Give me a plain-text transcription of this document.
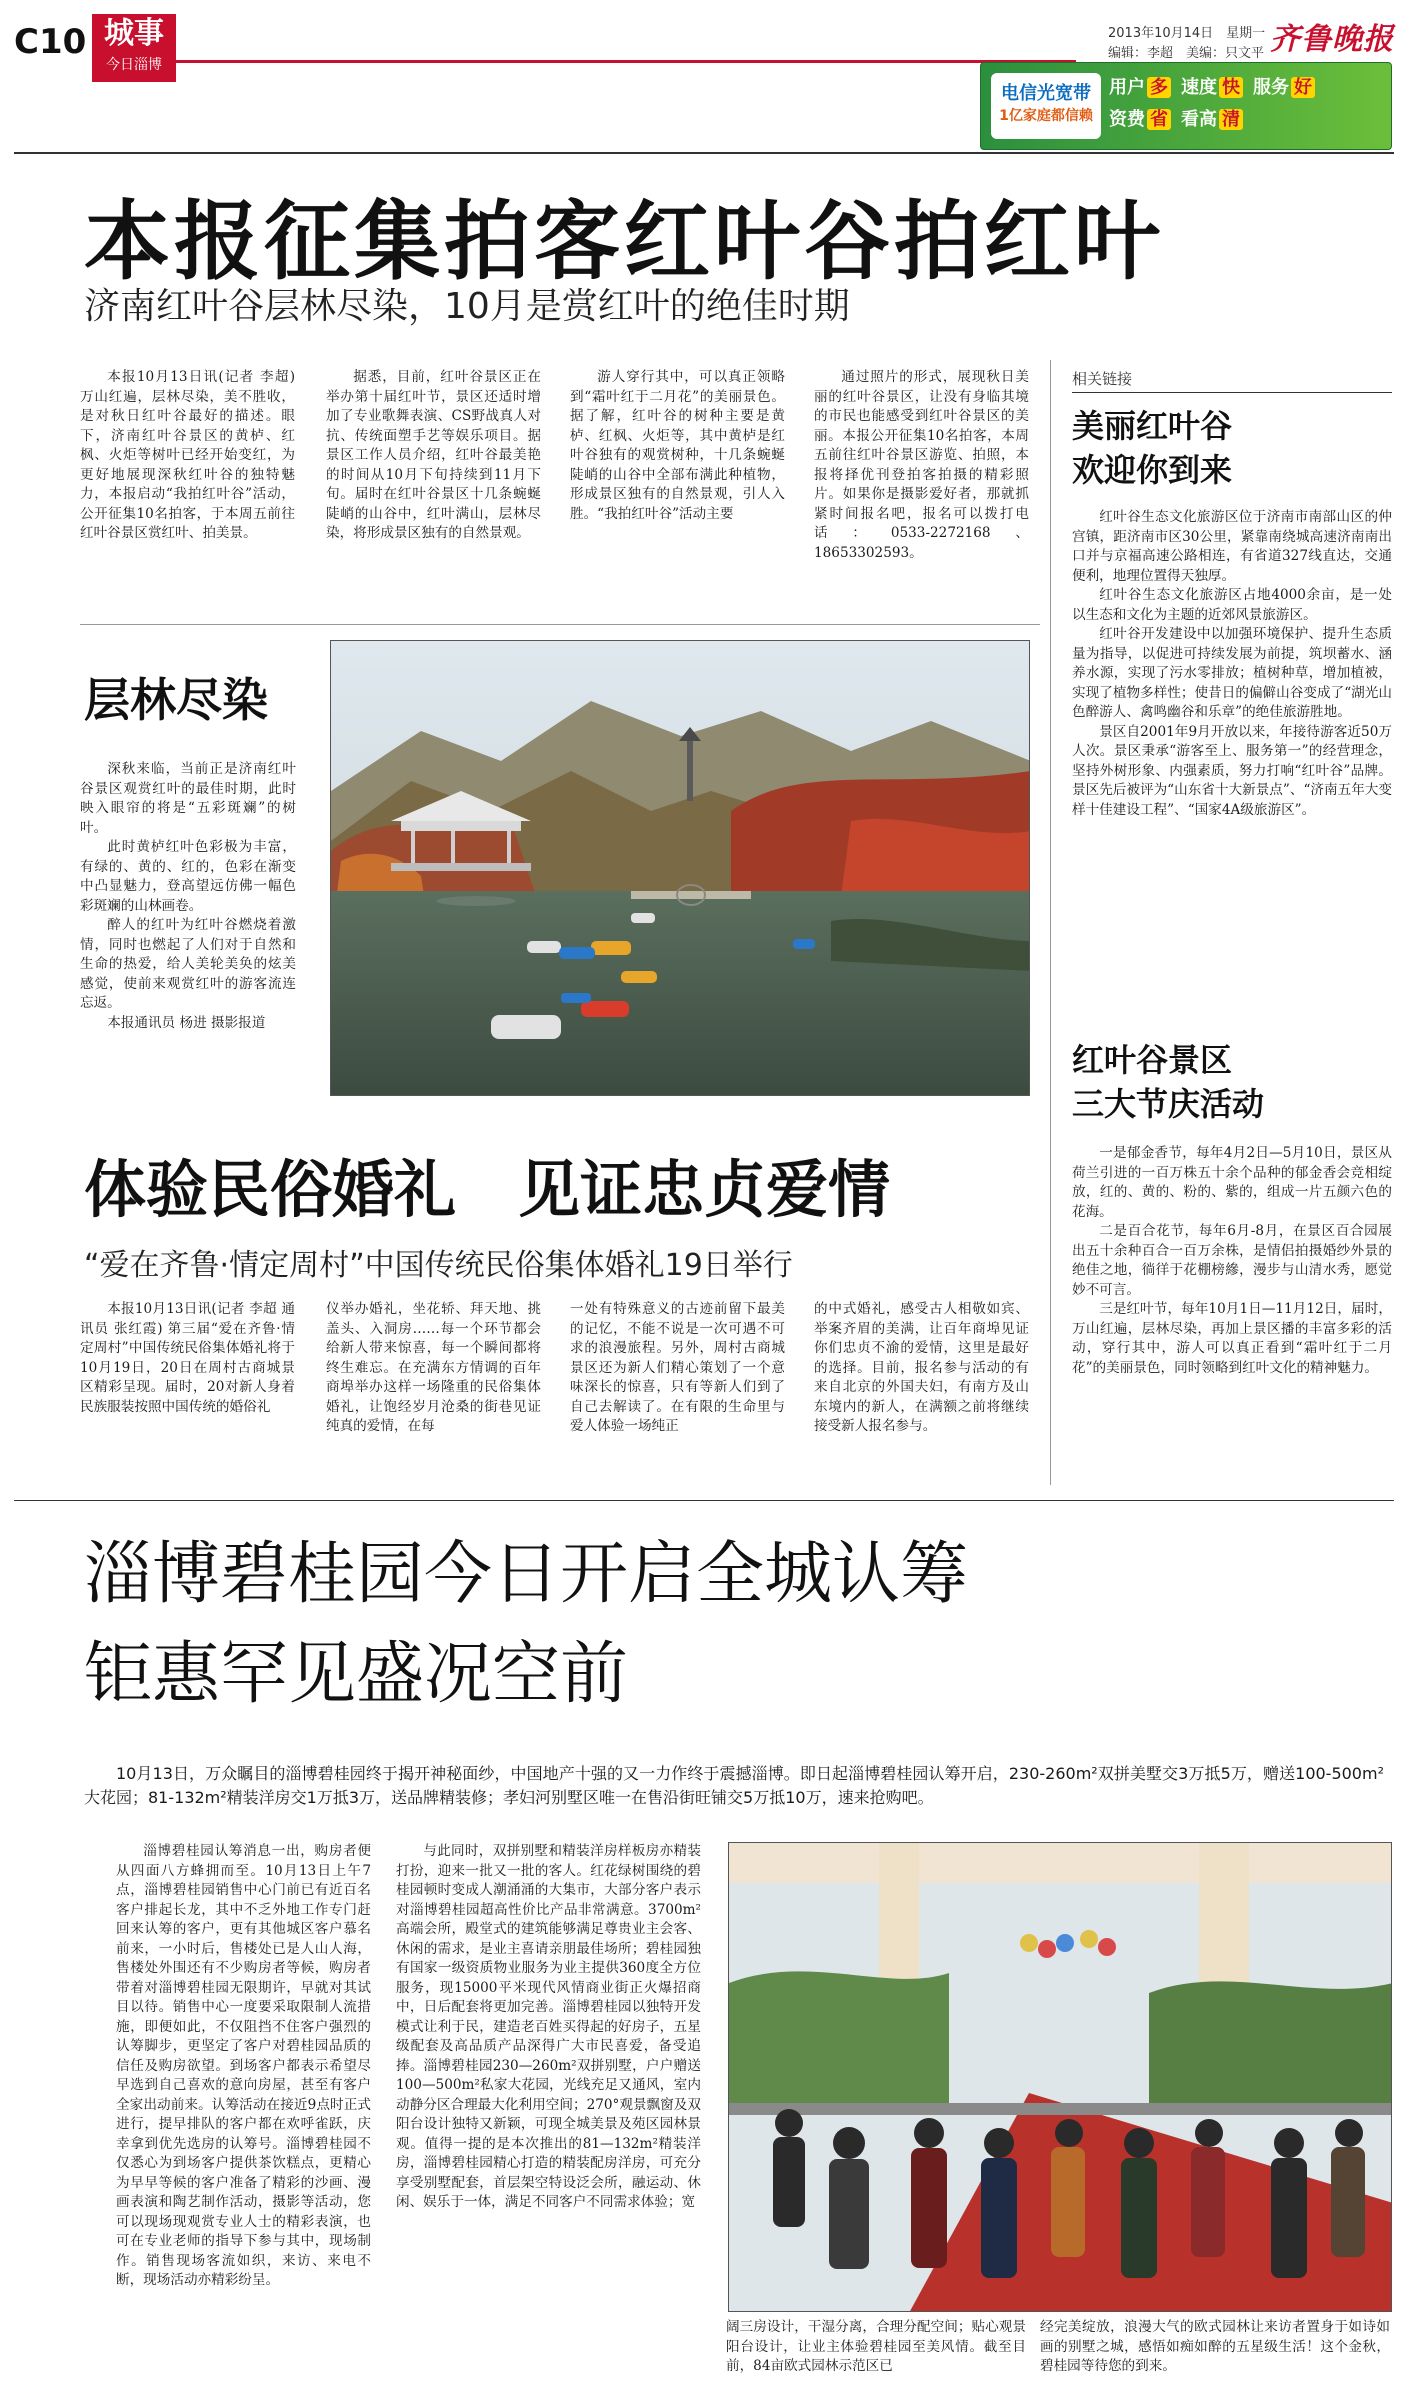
C10 城事
今日淄博
2013年10月14日　星期一
编辑：李超　美编：只文平 齐鲁晚报
电信光宽带
1亿家庭都信赖
用户 多 速度 快 服务 好
资费 省 看高 清
本报征集拍客红叶谷拍红叶
济南红叶谷层林尽染，10月是赏红叶的绝佳时期

本报10月13日讯(记者 李超) 万山红遍，层林尽染，美不胜收，是对秋日红叶谷最好的描述。眼下，济南红叶谷景区的黄栌、红枫、火炬等树叶已经开始变红，为更好地展现深秋红叶谷的独特魅力，本报启动“我拍红叶谷”活动，公开征集10名拍客，于本周五前往红叶谷景区赏红叶、拍美景。

据悉，目前，红叶谷景区正在举办第十届红叶节，景区还适时增加了专业歌舞表演、CS野战真人对抗、传统面塑手艺等娱乐项目。据景区工作人员介绍，红叶谷最美艳的时间从10月下旬持续到11月下旬。届时在红叶谷景区十几条蜿蜒陡峭的山谷中，红叶满山，层林尽染，将形成景区独有的自然景观。

游人穿行其中，可以真正领略到“霜叶红于二月花”的美丽景色。据了解，红叶谷的树种主要是黄栌、红枫、火炬等，其中黄栌是红叶谷独有的观赏树种，十几条蜿蜒陡峭的山谷中全部布满此种植物，形成景区独有的自然景观，引人入胜。“我拍红叶谷”活动主要

通过照片的形式，展现秋日美丽的红叶谷景区，让没有身临其境的市民也能感受到红叶谷景区的美丽。本报公开征集10名拍客，本周五前往红叶谷景区游览、拍照，本报将择优刊登拍客拍摄的精彩照片。如果你是摄影爱好者，那就抓紧时间报名吧，报名可以拨打电话：0533-2272168、18653302593。

层林尽染

深秋来临，当前正是济南红叶谷景区观赏红叶的最佳时期，此时映入眼帘的将是“五彩斑斓”的树叶。

此时黄栌红叶色彩极为丰富，有绿的、黄的、红的，色彩在渐变中凸显魅力，登高望远仿佛一幅色彩斑斓的山林画卷。

醉人的红叶为红叶谷燃烧着激情，同时也燃起了人们对于自然和生命的热爱，给人美轮美奂的炫美感觉，使前来观赏红叶的游客流连忘返。

本报通讯员 杨进 摄影报道

相关链接
美丽红叶谷
欢迎你到来

红叶谷生态文化旅游区位于济南市南部山区的仲宫镇，距济南市区30公里，紧靠南绕城高速济南南出口并与京福高速公路相连，有省道327线直达，交通便利，地理位置得天独厚。

红叶谷生态文化旅游区占地4000余亩，是一处以生态和文化为主题的近郊风景旅游区。

红叶谷开发建设中以加强环境保护、提升生态质量为指导，以促进可持续发展为前提，筑坝蓄水、涵养水源，实现了污水零排放；植树种草，增加植被，实现了植物多样性；使昔日的偏僻山谷变成了“湖光山色醉游人、禽鸣幽谷和乐章”的绝佳旅游胜地。

景区自2001年9月开放以来，年接待游客近50万人次。景区秉承“游客至上、服务第一”的经营理念，坚持外树形象、内强素质，努力打响“红叶谷”品牌。景区先后被评为“山东省十大新景点”、“济南五年大变样十佳建设工程”、“国家4A级旅游区”。

红叶谷景区
三大节庆活动

一是郁金香节，每年4月2日—5月10日，景区从荷兰引进的一百万株五十余个品种的郁金香会竞相绽放，红的、黄的、粉的、紫的，组成一片五颜六色的花海。

二是百合花节，每年6月-8月，在景区百合园展出五十余种百合一百万余株，是情侣拍摄婚纱外景的绝佳之地，徜徉于花棚榜縿，漫步与山清水秀，愿觉妙不可言。

三是红叶节，每年10月1日—11月12日，届时，万山红遍，层林尽染，再加上景区播的丰富多彩的活动，穿行其中，游人可以真正看到“霜叶红于二月花”的美丽景色，同时领略到红叶文化的精神魅力。

体验民俗婚礼　见证忠贞爱情
“爱在齐鲁·情定周村”中国传统民俗集体婚礼19日举行

本报10月13日讯(记者 李超 通讯员 张红霞) 第三届“爱在齐鲁·情定周村”中国传统民俗集体婚礼将于10月19日，20日在周村古商城景区精彩呈现。届时，20对新人身着民族服装按照中国传统的婚俗礼

仪举办婚礼，坐花轿、拜天地、挑盖头、入洞房……每一个环节都会给新人带来惊喜，每一个瞬间都将终生难忘。在充满东方情调的百年商埠举办这样一场隆重的民俗集体婚礼，让饱经岁月沧桑的街巷见证纯真的爱情，在每

一处有特殊意义的古迹前留下最美的记忆，不能不说是一次可遇不可求的浪漫旅程。另外，周村古商城景区还为新人们精心策划了一个意味深长的惊喜，只有等新人们到了自己去解读了。在有限的生命里与爱人体验一场纯正

的中式婚礼，感受古人相敬如宾、举案齐眉的美满，让百年商埠见证你们忠贞不渝的爱情，这里是最好的选择。目前，报名参与活动的有来自北京的外国夫妇，有南方及山东境内的新人，在满额之前将继续接受新人报名参与。

淄博碧桂园今日开启全城认筹
钜惠罕见盛况空前

10月13日，万众瞩目的淄博碧桂园终于揭开神秘面纱，中国地产十强的又一力作终于震撼淄博。即日起淄博碧桂园认筹开启，230-260m²双拼美墅交3万抵5万，赠送100-500m²大花园；81-132m²精装洋房交1万抵3万，送品牌精装修；孝妇河别墅区唯一在售沿街旺铺交5万抵10万，速来抢购吧。

淄博碧桂园认筹消息一出，购房者便从四面八方蜂拥而至。10月13日上午7点，淄博碧桂园销售中心门前已有近百名客户排起长龙，其中不乏外地工作专门赶回来认筹的客户，更有其他城区客户慕名前来，一小时后，售楼处已是人山人海，售楼处外围还有不少购房者等候，购房者带着对淄博碧桂园无限期许，早就对其试目以待。销售中心一度要采取限制人流措施，即便如此，不仅阻挡不住客户强烈的认筹脚步，更坚定了客户对碧桂园品质的信任及购房欲望。到场客户都表示希望尽早选到自己喜欢的意向房屋，甚至有客户全家出动前来。认筹活动在接近9点时正式进行，提早排队的客户都在欢呼雀跃，庆幸拿到优先选房的认筹号。淄博碧桂园不仅悉心为到场客户提供茶饮糕点，更精心为早早等候的客户准备了精彩的沙画、漫画表演和陶艺制作活动，摄影等活动，您可以现场现观赏专业人士的精彩表演，也可在专业老师的指导下参与其中，现场制作。销售现场客流如织，来访、来电不断，现场活动亦精彩纷呈。

与此同时，双拼别墅和精装洋房样板房亦精装打扮，迎来一批又一批的客人。红花绿树围绕的碧桂园顿时变成人潮涌涌的大集市，大部分客户表示对淄博碧桂园超高性价比产品非常满意。3700m²高端会所，殿堂式的建筑能够满足尊贵业主会客、休闲的需求，是业主喜请亲朋最佳场所；碧桂园独有国家一级资质物业服务为业主提供360度全方位服务，现15000平米现代风情商业街正火爆招商中，日后配套将更加完善。淄博碧桂园以独特开发模式让利于民，建造老百姓买得起的好房子，五星级配套及高品质产品深得广大市民喜爱，备受追捧。淄博碧桂园230—260m²双拼别墅，户户赠送100—500m²私家大花园，光线充足又通风，室内动静分区合理最大化利用空间；270°观景飘窗及双阳台设计独特又新颖，可现全城美景及苑区园林景观。值得一提的是本次推出的81—132m²精装洋房，淄博碧桂园精心打造的精装配房洋房，可充分享受别墅配套，首层架空特设泛会所，融运动、休闲、娱乐于一体，满足不同客户不同需求体验；宽

阔三房设计，干湿分离，合理分配空间；贴心观景阳台设计，让业主体验碧桂园至美风情。截至目前，84亩欧式园林示范区已

经完美绽放，浪漫大气的欧式园林让来访者置身于如诗如画的别墅之城，感悟如痴如醉的五星级生活！这个金秋，碧桂园等待您的到来。
